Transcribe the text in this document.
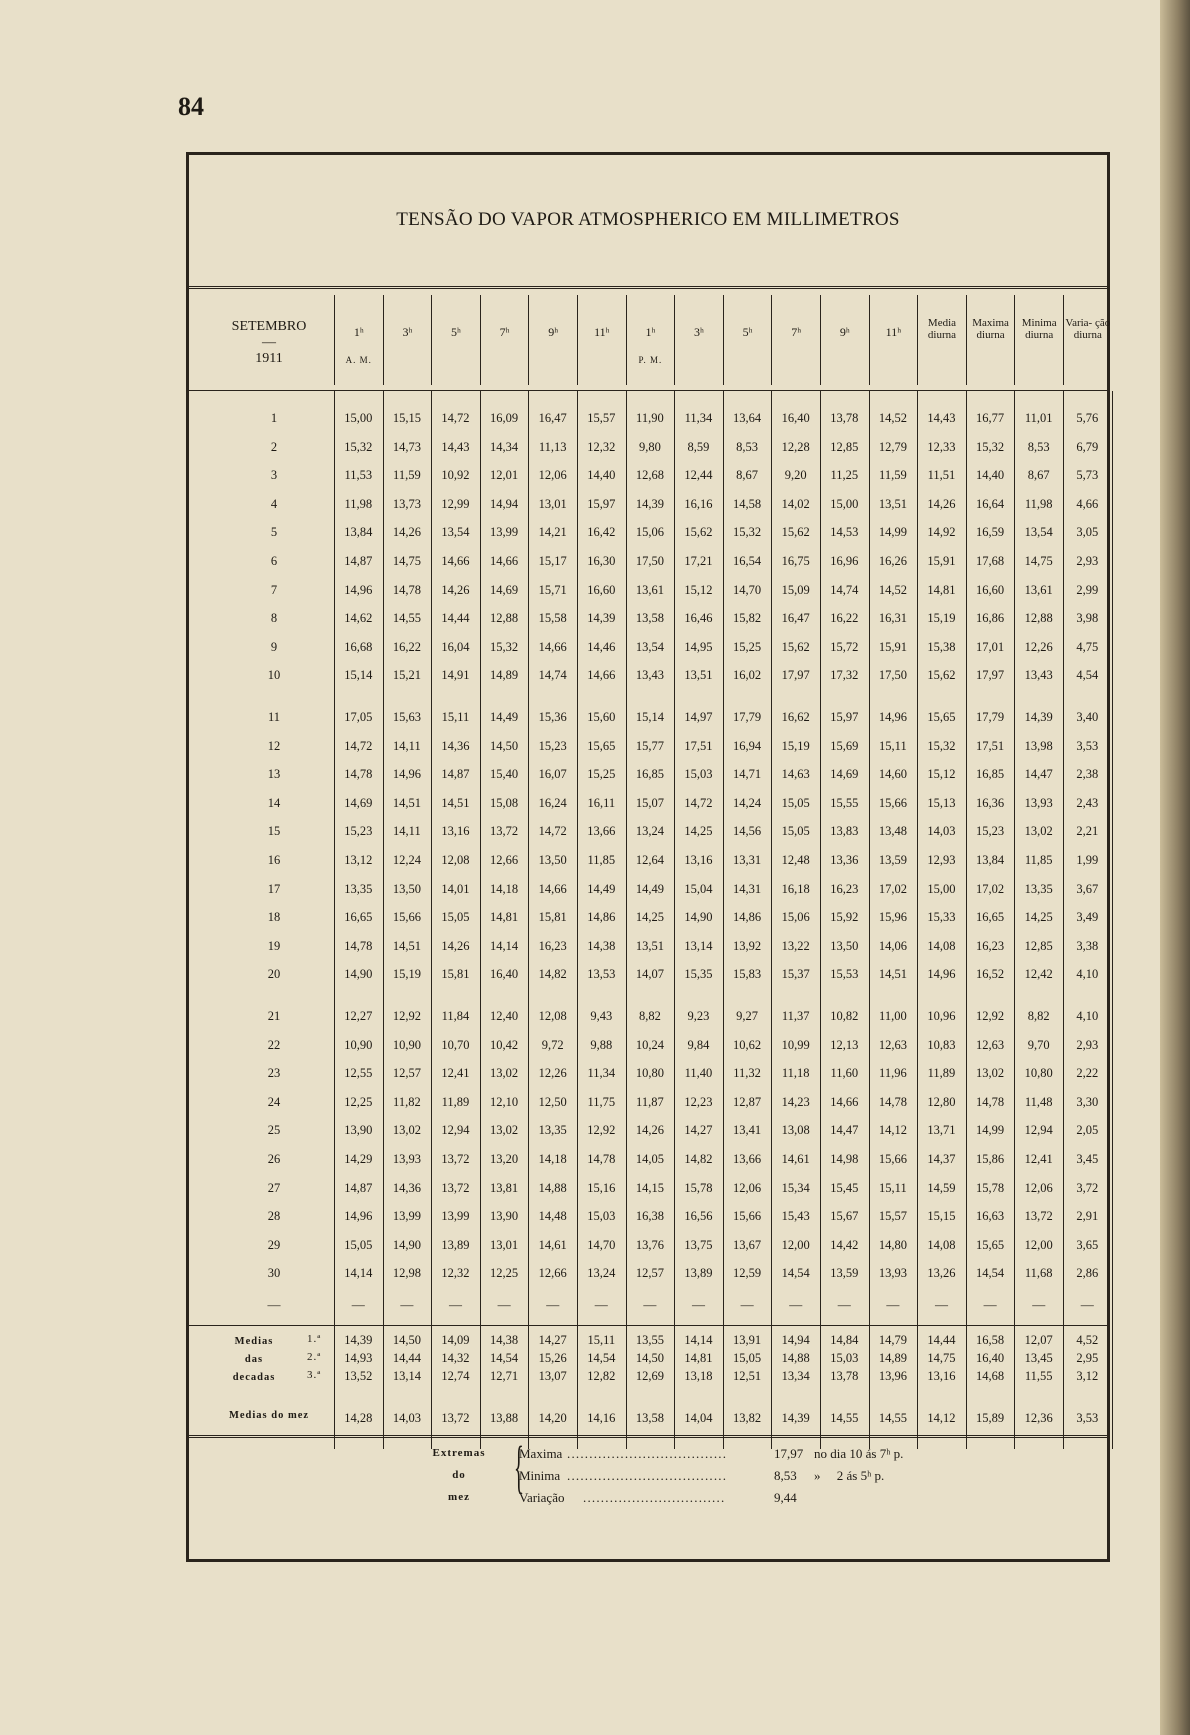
84
TENSÃO DO VAPOR ATMOSPHERICO EM MILLIMETROS
SETEMBRO
—
1911
1ʰ
A. M.
3ʰ	5ʰ	7ʰ	9ʰ	11ʰ	1ʰ
P. M.
3ʰ	5ʰ	7ʰ	9ʰ	11ʰ
Media diurna
Maxima diurna
Minima diurna
Varia- ção diurna
1	15,00	15,15	14,72	16,09	16,47	15,57	11,90	11,34	13,64	16,40	13,78	14,52	14,43	16,77	11,01	5,76
2	15,32	14,73	14,43	14,34	11,13	12,32	9,80	8,59	8,53	12,28	12,85	12,79	12,33	15,32	8,53	6,79
3	11,53	11,59	10,92	12,01	12,06	14,40	12,68	12,44	8,67	9,20	11,25	11,59	11,51	14,40	8,67	5,73
4	11,98	13,73	12,99	14,94	13,01	15,97	14,39	16,16	14,58	14,02	15,00	13,51	14,26	16,64	11,98	4,66
5	13,84	14,26	13,54	13,99	14,21	16,42	15,06	15,62	15,32	15,62	14,53	14,99	14,92	16,59	13,54	3,05
6	14,87	14,75	14,66	14,66	15,17	16,30	17,50	17,21	16,54	16,75	16,96	16,26	15,91	17,68	14,75	2,93
7	14,96	14,78	14,26	14,69	15,71	16,60	13,61	15,12	14,70	15,09	14,74	14,52	14,81	16,60	13,61	2,99
8	14,62	14,55	14,44	12,88	15,58	14,39	13,58	16,46	15,82	16,47	16,22	16,31	15,19	16,86	12,88	3,98
9	16,68	16,22	16,04	15,32	14,66	14,46	13,54	14,95	15,25	15,62	15,72	15,91	15,38	17,01	12,26	4,75
10	15,14	15,21	14,91	14,89	14,74	14,66	13,43	13,51	16,02	17,97	17,32	17,50	15,62	17,97	13,43	4,54
11	17,05	15,63	15,11	14,49	15,36	15,60	15,14	14,97	17,79	16,62	15,97	14,96	15,65	17,79	14,39	3,40
12	14,72	14,11	14,36	14,50	15,23	15,65	15,77	17,51	16,94	15,19	15,69	15,11	15,32	17,51	13,98	3,53
13	14,78	14,96	14,87	15,40	16,07	15,25	16,85	15,03	14,71	14,63	14,69	14,60	15,12	16,85	14,47	2,38
14	14,69	14,51	14,51	15,08	16,24	16,11	15,07	14,72	14,24	15,05	15,55	15,66	15,13	16,36	13,93	2,43
15	15,23	14,11	13,16	13,72	14,72	13,66	13,24	14,25	14,56	15,05	13,83	13,48	14,03	15,23	13,02	2,21
16	13,12	12,24	12,08	12,66	13,50	11,85	12,64	13,16	13,31	12,48	13,36	13,59	12,93	13,84	11,85	1,99
17	13,35	13,50	14,01	14,18	14,66	14,49	14,49	15,04	14,31	16,18	16,23	17,02	15,00	17,02	13,35	3,67
18	16,65	15,66	15,05	14,81	15,81	14,86	14,25	14,90	14,86	15,06	15,92	15,96	15,33	16,65	14,25	3,49
19	14,78	14,51	14,26	14,14	16,23	14,38	13,51	13,14	13,92	13,22	13,50	14,06	14,08	16,23	12,85	3,38
20	14,90	15,19	15,81	16,40	14,82	13,53	14,07	15,35	15,83	15,37	15,53	14,51	14,96	16,52	12,42	4,10
21	12,27	12,92	11,84	12,40	12,08	9,43	8,82	9,23	9,27	11,37	10,82	11,00	10,96	12,92	8,82	4,10
22	10,90	10,90	10,70	10,42	9,72	9,88	10,24	9,84	10,62	10,99	12,13	12,63	10,83	12,63	9,70	2,93
23	12,55	12,57	12,41	13,02	12,26	11,34	10,80	11,40	11,32	11,18	11,60	11,96	11,89	13,02	10,80	2,22
24	12,25	11,82	11,89	12,10	12,50	11,75	11,87	12,23	12,87	14,23	14,66	14,78	12,80	14,78	11,48	3,30
25	13,90	13,02	12,94	13,02	13,35	12,92	14,26	14,27	13,41	13,08	14,47	14,12	13,71	14,99	12,94	2,05
26	14,29	13,93	13,72	13,20	14,18	14,78	14,05	14,82	13,66	14,61	14,98	15,66	14,37	15,86	12,41	3,45
27	14,87	14,36	13,72	13,81	14,88	15,16	14,15	15,78	12,06	15,34	15,45	15,11	14,59	15,78	12,06	3,72
28	14,96	13,99	13,99	13,90	14,48	15,03	16,38	16,56	15,66	15,43	15,67	15,57	15,15	16,63	13,72	2,91
29	15,05	14,90	13,89	13,01	14,61	14,70	13,76	13,75	13,67	12,00	14,42	14,80	14,08	15,65	12,00	3,65
30	14,14	12,98	12,32	12,25	12,66	13,24	12,57	13,89	12,59	14,54	13,59	13,93	13,26	14,54	11,68	2,86
—	—	—	—	—	—	—	—	—	—	—	—	—	—	—	—	—
Medias
das
decadas
1.ª
2.ª
3.ª
14,39	14,50	14,09	14,38	14,27	15,11	13,55	14,14	13,91	14,94	14,84	14,79	14,44	16,58	12,07	4,52
14,93	14,44	14,32	14,54	15,26	14,54	14,50	14,81	15,05	14,88	15,03	14,89	14,75	16,40	13,45	2,95
13,52	13,14	12,74	12,71	13,07	12,82	12,69	13,18	12,51	13,34	13,78	13,96	13,16	14,68	11,55	3,12
Medias do mez	14,28	14,03	13,72	13,88	14,20	14,16	13,58	14,04	13,82	14,39	14,55	14,55	14,12	15,89	12,36	3,53
Extremas
do
mez {
Maxima ....................................	17,97 no dia 10 ás 7ʰ p.
Minima ....................................	8,53 »     2 ás 5ʰ p.
Variação ................................	9,44
